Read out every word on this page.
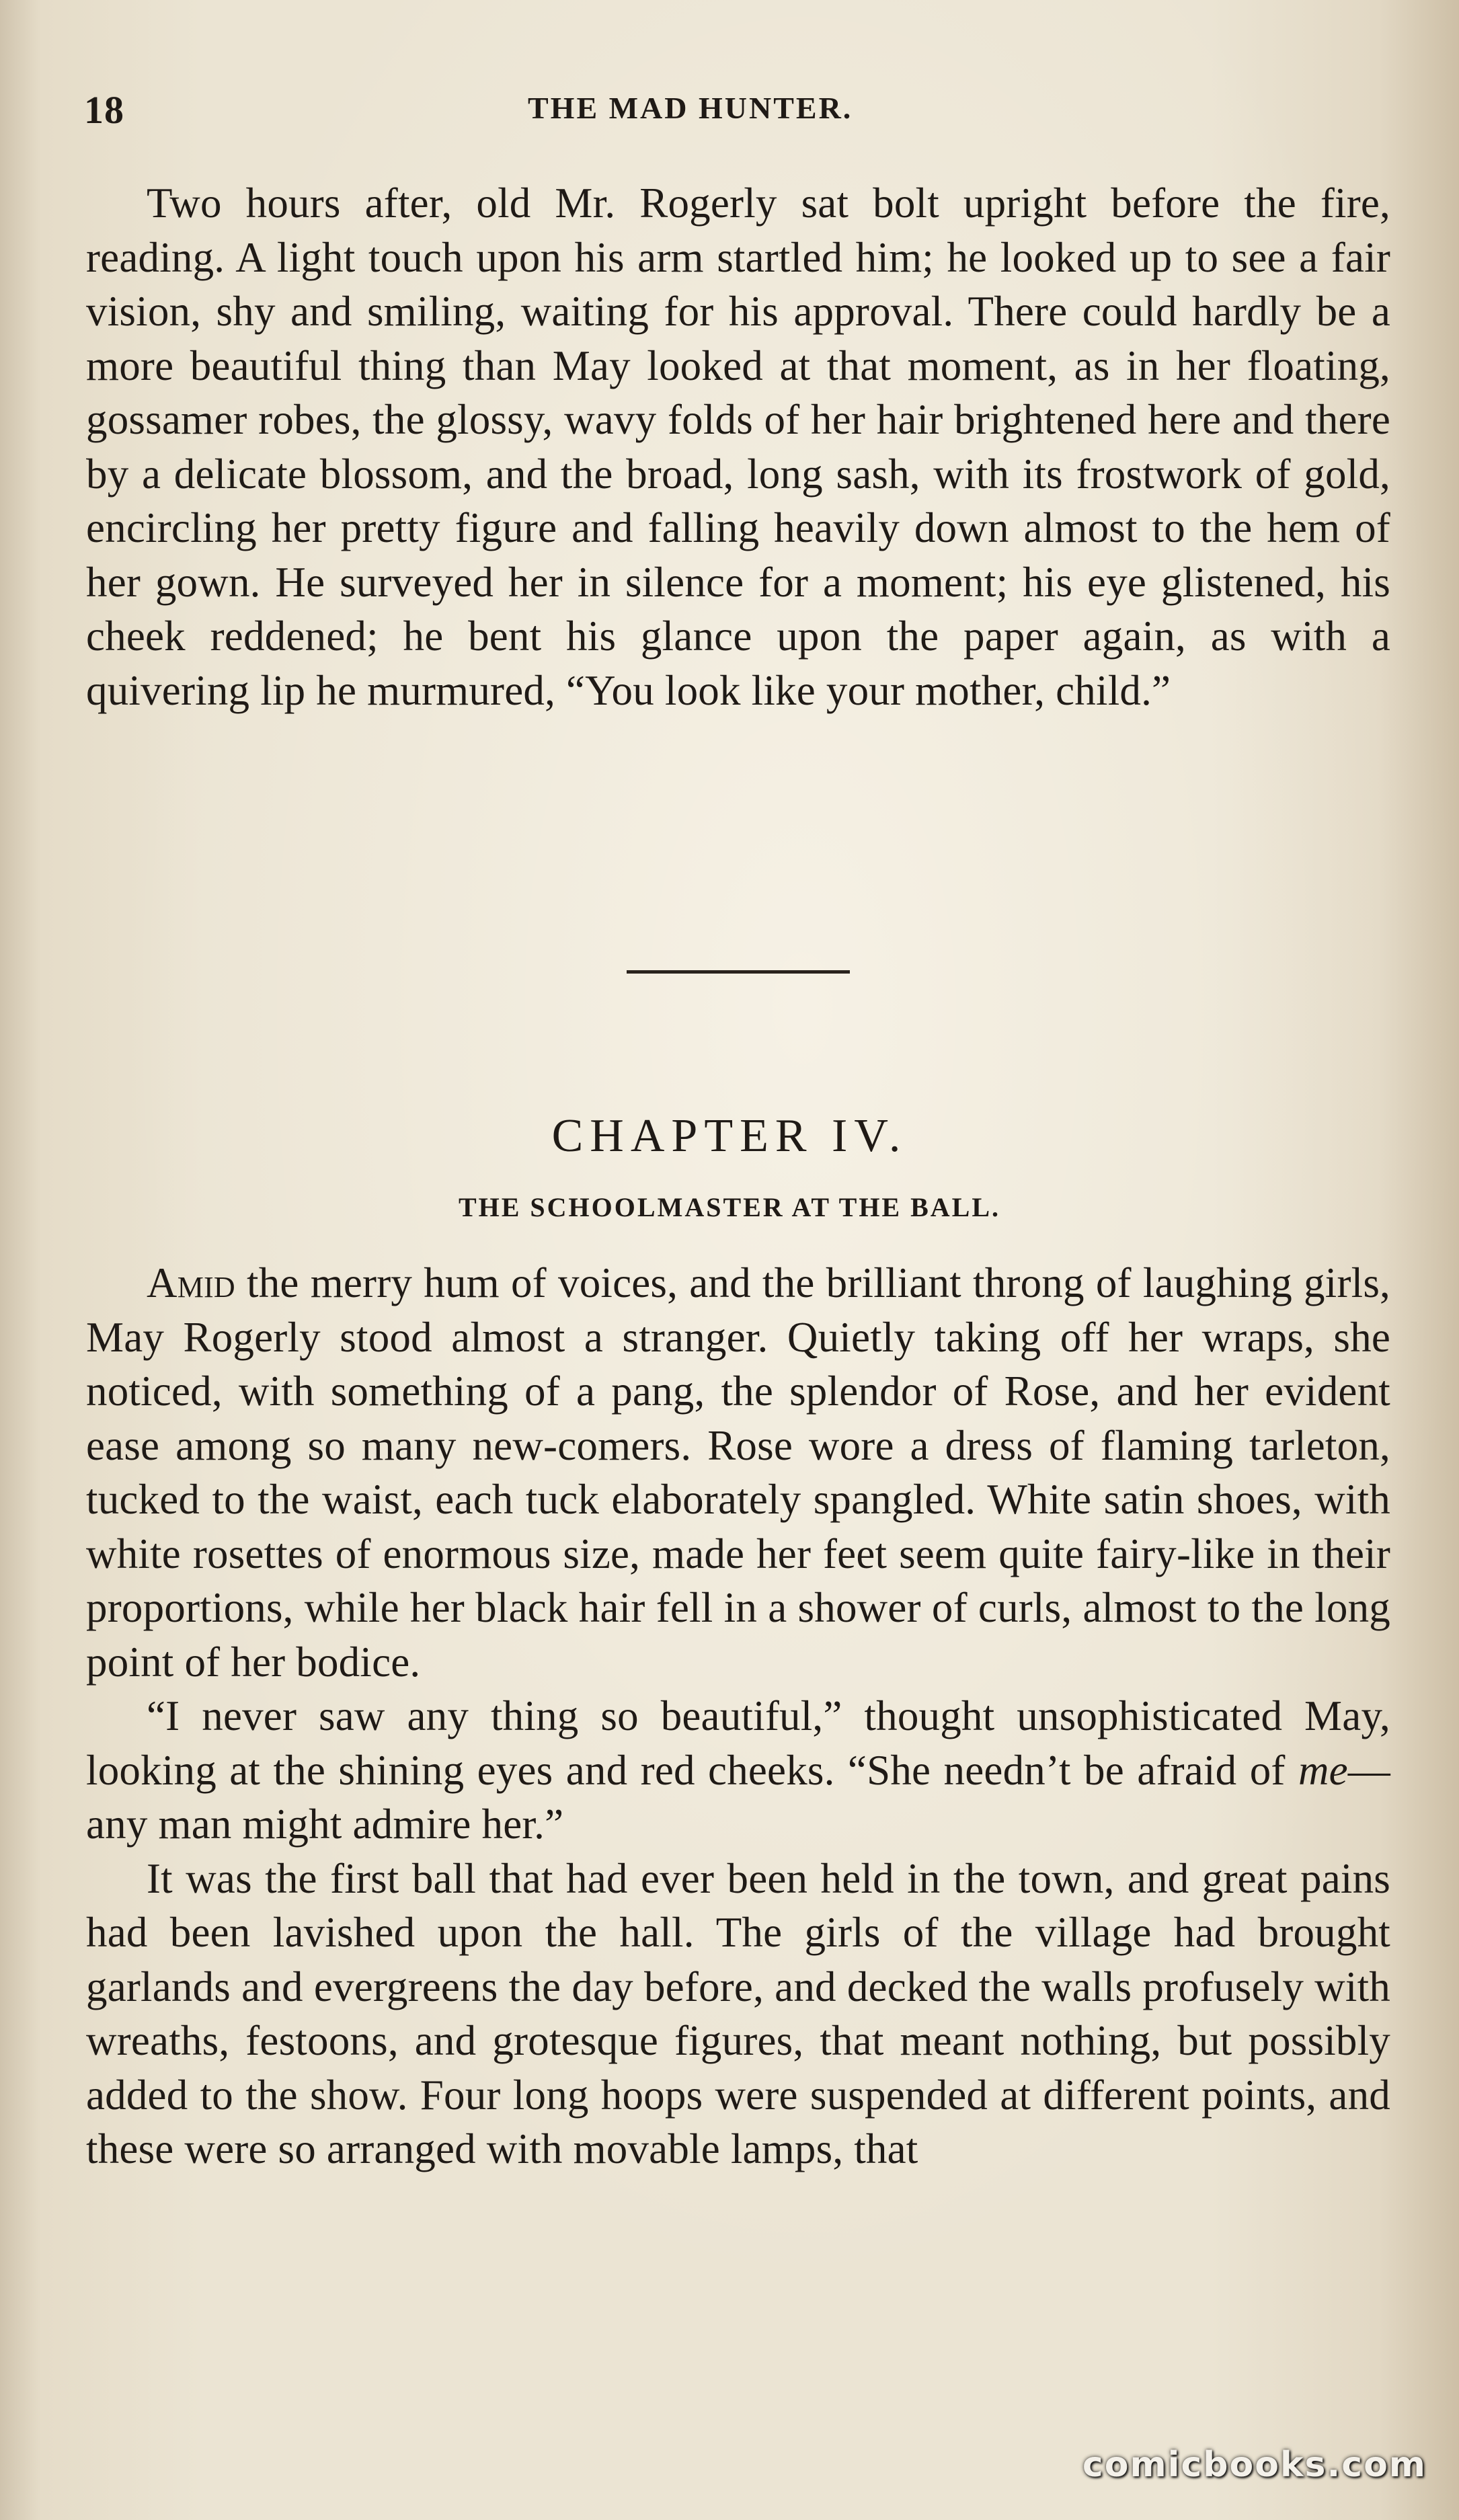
18	THE MAD HUNTER.

Two hours after, old Mr. Rogerly sat bolt upright before the fire, reading. A light touch upon his arm startled him; he looked up to see a fair vision, shy and smiling, waiting for his approval. There could hardly be a more beautiful thing than May looked at that moment, as in her floating, gossamer robes, the glossy, wavy folds of her hair brightened here and there by a delicate blossom, and the broad, long sash, with its frostwork of gold, encircling her pretty figure and falling heavily down almost to the hem of her gown. He surveyed her in silence for a moment; his eye glistened, his cheek reddened; he bent his glance upon the paper again, as with a quivering lip he murmured, “You look like your mother, child.”

CHAPTER IV.
THE SCHOOLMASTER AT THE BALL.

Amid the merry hum of voices, and the brilliant throng of laughing girls, May Rogerly stood almost a stranger. Quietly taking off her wraps, she noticed, with something of a pang, the splendor of Rose, and her evident ease among so many new-comers. Rose wore a dress of flaming tarleton, tucked to the waist, each tuck elaborately spangled. White satin shoes, with white rosettes of enormous size, made her feet seem quite fairy-like in their proportions, while her black hair fell in a shower of curls, almost to the long point of her bodice.

“I never saw any thing so beautiful,” thought unsophisticated May, looking at the shining eyes and red cheeks. “She needn’t be afraid of me—any man might admire her.”

It was the first ball that had ever been held in the town, and great pains had been lavished upon the hall. The girls of the village had brought garlands and evergreens the day before, and decked the walls profusely with wreaths, festoons, and grotesque figures, that meant nothing, but possibly added to the show. Four long hoops were suspended at different points, and these were so arranged with movable lamps, that

comicbooks.com
